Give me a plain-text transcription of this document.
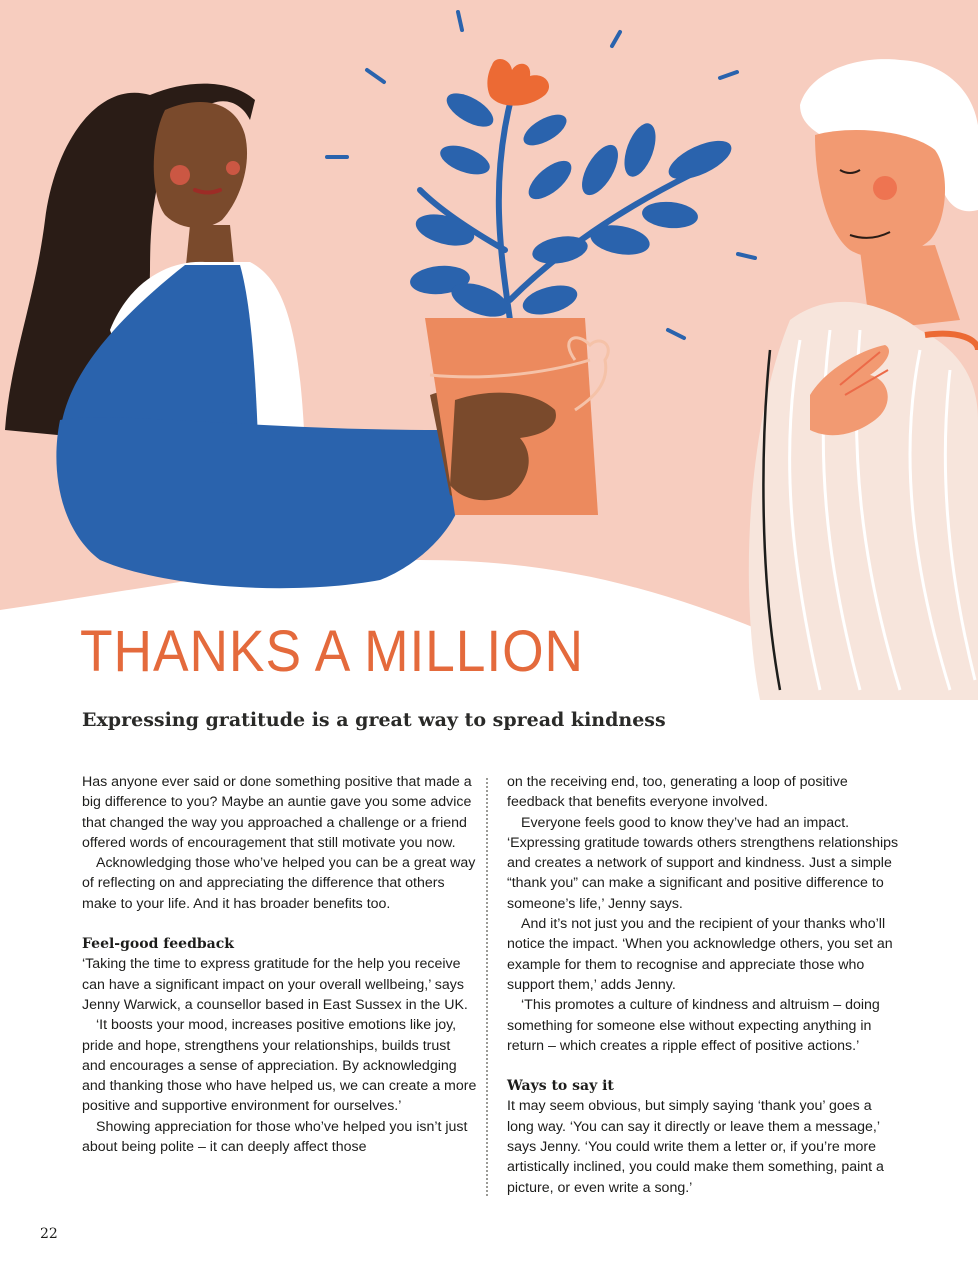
THANKS A MILLION
Expressing gratitude is a great way to spread kindness

Has anyone ever said or done something positive that made a big difference to you? Maybe an auntie gave you some advice that changed the way you approached a challenge or a friend offered words of encouragement that still motivate you now.

Acknowledging those who’ve helped you can be a great way of reflecting on and appreciating the difference that others make to your life. And it has broader benefits too.

Feel-good feedback

‘Taking the time to express gratitude for the help you receive can have a significant impact on your overall wellbeing,’ says Jenny Warwick, a counsellor based in East Sussex in the UK.

‘It boosts your mood, increases positive emotions like joy, pride and hope, strengthens your relationships, builds trust and encourages a sense of appreciation. By acknowledging and thanking those who have helped us, we can create a more positive and supportive environment for ourselves.’

Showing appreciation for those who’ve helped you isn’t just about being polite – it can deeply affect those

on the receiving end, too, generating a loop of positive feedback that benefits everyone involved.

Everyone feels good to know they’ve had an impact. ‘Expressing gratitude towards others strengthens relationships and creates a network of support and kindness. Just a simple “thank you” can make a significant and positive difference to someone’s life,’ Jenny says.

And it’s not just you and the recipient of your thanks who’ll notice the impact. ‘When you acknowledge others, you set an example for them to recognise and appreciate those who support them,’ adds Jenny.

‘This promotes a culture of kindness and altruism – doing something for someone else without expecting anything in return – which creates a ripple effect of positive actions.’

Ways to say it

It may seem obvious, but simply saying ‘thank you’ goes a long way. ‘You can say it directly or leave them a message,’ says Jenny. ‘You could write them a letter or, if you’re more artistically inclined, you could make them something, paint a picture, or even write a song.’

22
